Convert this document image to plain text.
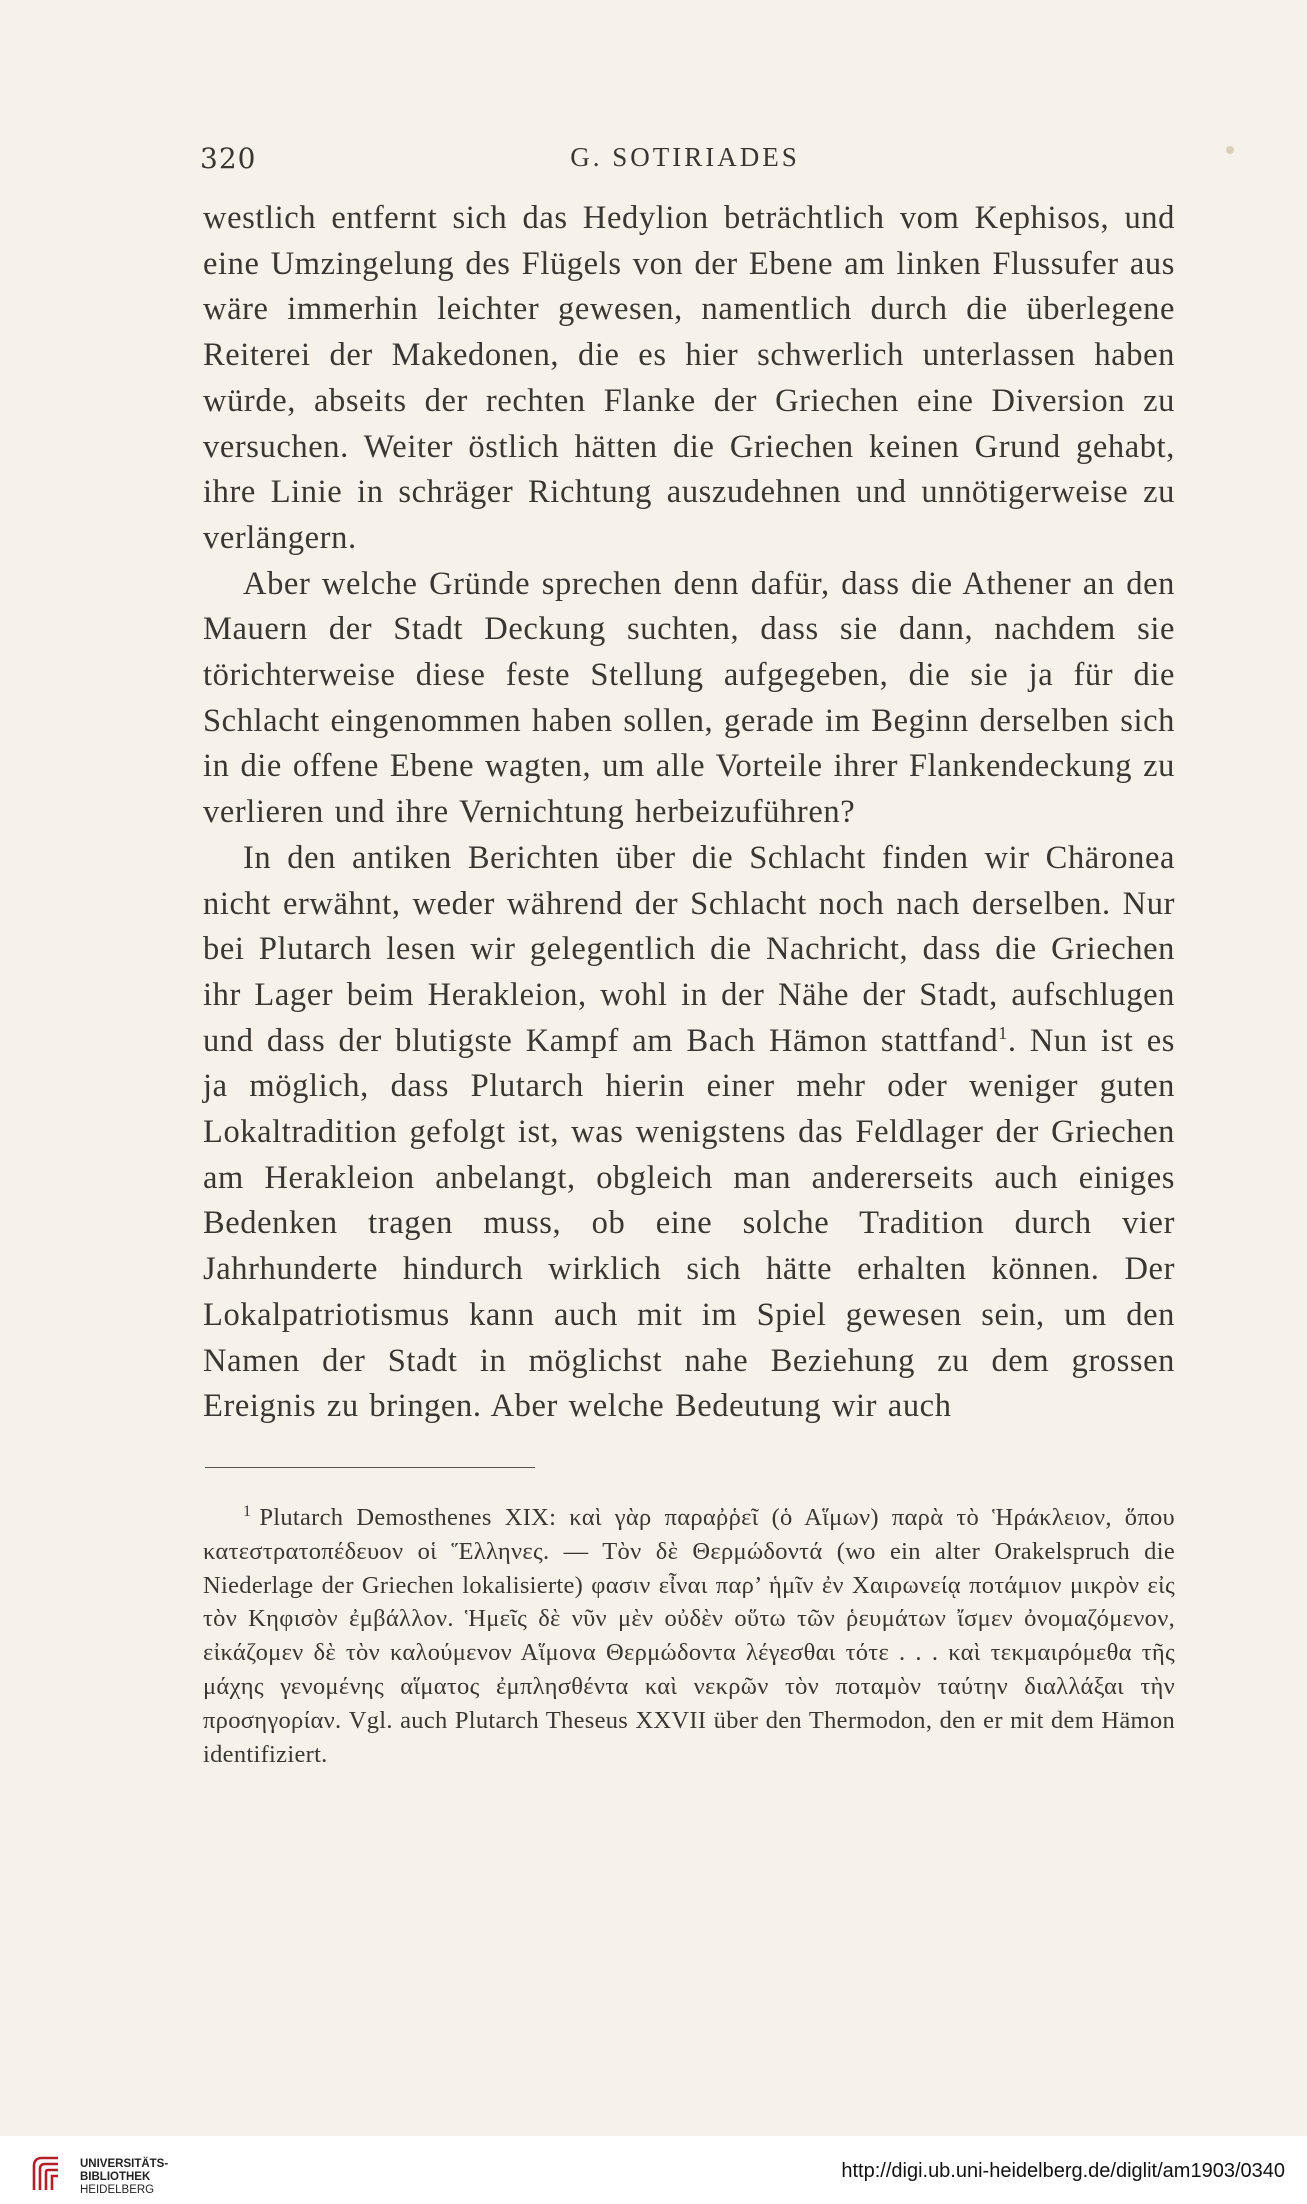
320	G. SOTIRIADES

westlich entfernt sich das Hedylion beträchtlich vom Kephisos, und eine Umzingelung des Flügels von der Ebene am linken Flussufer aus wäre immerhin leichter gewesen, namentlich durch die überlegene Reiterei der Makedonen, die es hier schwerlich unterlassen haben würde, abseits der rechten Flanke der Griechen eine Diversion zu versuchen. Weiter östlich hätten die Griechen keinen Grund gehabt, ihre Linie in schräger Richtung auszudehnen und unnötigerweise zu verlängern.

Aber welche Gründe sprechen denn dafür, dass die Athener an den Mauern der Stadt Deckung suchten, dass sie dann, nachdem sie törichterweise diese feste Stellung aufgegeben, die sie ja für die Schlacht eingenommen haben sollen, gerade im Beginn derselben sich in die offene Ebene wagten, um alle Vorteile ihrer Flankendeckung zu verlieren und ihre Vernichtung herbeizuführen?

In den antiken Berichten über die Schlacht finden wir Chäronea nicht erwähnt, weder während der Schlacht noch nach derselben. Nur bei Plutarch lesen wir gelegentlich die Nachricht, dass die Griechen ihr Lager beim Herakleion, wohl in der Nähe der Stadt, aufschlugen und dass der blutigste Kampf am Bach Hämon stattfand$^1$. Nun ist es ja möglich, dass Plutarch hierin einer mehr oder weniger guten Lokaltradition gefolgt ist, was wenigstens das Feldlager der Griechen am Herakleion anbelangt, obgleich man andererseits auch einiges Bedenken tragen muss, ob eine solche Tradition durch vier Jahrhunderte hindurch wirklich sich hätte erhalten können. Der Lokalpatriotismus kann auch mit im Spiel gewesen sein, um den Namen der Stadt in möglichst nahe Beziehung zu dem grossen Ereignis zu bringen. Aber welche Bedeutung wir auch

$^1$ Plutarch Demosthenes XIX: καὶ γὰρ παραῤῥεῖ (ὁ Αἵμων) παρὰ τὸ Ἡράκλειον, ὅπου κατεστρατοπέδευον οἱ Ἕλληνες. — Τὸν δὲ Θερμώδοντά (wo ein alter Orakelspruch die Niederlage der Griechen lokalisierte) φασιν εἶναι παρ’ ἡμῖν ἐν Χαιρωνείᾳ ποτάμιον μικρὸν εἰς τὸν Κηφισὸν ἐμβάλλον. Ἡμεῖς δὲ νῦν μὲν οὐδὲν οὕτω τῶν ῥευμάτων ἴσμεν ὀνομαζόμενον, εἰκάζομεν δὲ τὸν καλούμενον Αἵμονα Θερμώδοντα λέγεσθαι τότε . . . καὶ τεκμαιρόμεθα τῆς μάχης γενομένης αἵματος ἐμπλησθέντα καὶ νεκρῶν τὸν ποταμὸν ταύτην διαλλάξαι τὴν προσηγορίαν. Vgl. auch Plutarch Theseus XXVII über den Thermodon, den er mit dem Hämon identifiziert.

UNIVERSITÄTS-
BIBLIOTHEK
HEIDELBERG
http://digi.ub.uni-heidelberg.de/diglit/am1903/0340
